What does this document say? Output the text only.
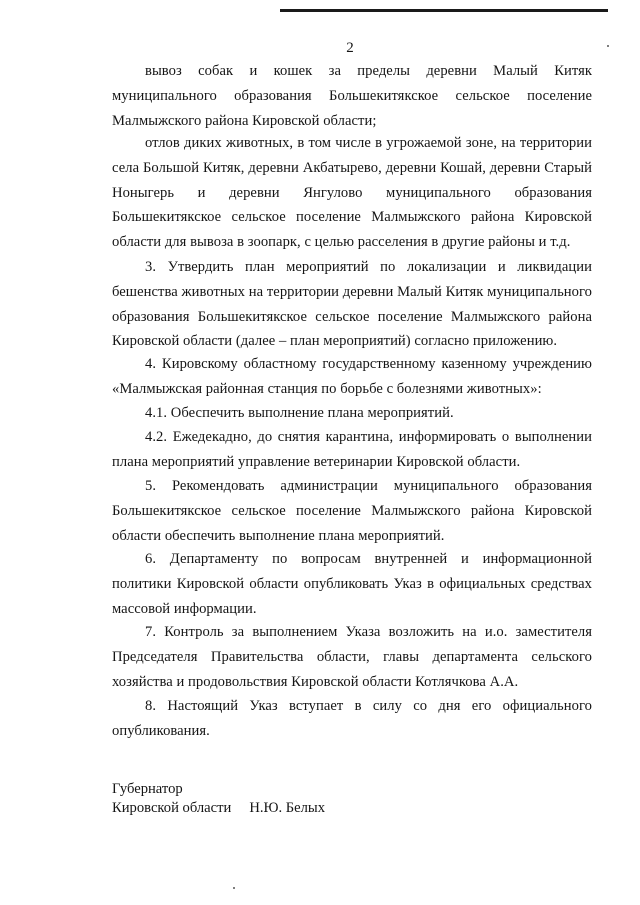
2

вывоз собак и кошек за пределы деревни Малый Китяк муниципального образования Большекитякское сельское поселение Малмыжского района Кировской области;

отлов диких животных, в том числе в угрожаемой зоне, на территории села Большой Китяк, деревни Акбатырево, деревни Кошай, деревни Старый Ноныгерь и деревни Янгулово муниципального образования Большекитякское сельское поселение Малмыжского района Кировской области для вывоза в зоопарк, с целью расселения в другие районы и т.д.

3. Утвердить план мероприятий по локализации и ликвидации бешенства животных на территории деревни Малый Китяк муниципального образования Большекитякское сельское поселение Малмыжского района Кировской области (далее – план мероприятий) согласно приложению.

4. Кировскому областному государственному казенному учреждению «Малмыжская районная станция по борьбе с болезнями животных»:

4.1. Обеспечить выполнение плана мероприятий.

4.2. Ежедекадно, до снятия карантина, информировать о выполнении плана мероприятий управление ветеринарии Кировской области.

5. Рекомендовать администрации муниципального образования Большекитякское сельское поселение Малмыжского района Кировской области обеспечить выполнение плана мероприятий.

6. Департаменту по вопросам внутренней и информационной политики Кировской области опубликовать Указ в официальных средствах массовой информации.

7. Контроль за выполнением Указа возложить на и.о. заместителя Председателя Правительства области, главы департамента сельского хозяйства и продовольствия Кировской области Котлячкова А.А.

8. Настоящий Указ вступает в силу со дня его официального опубликования.

Губернатор
Кировской области Н.Ю. Белых
